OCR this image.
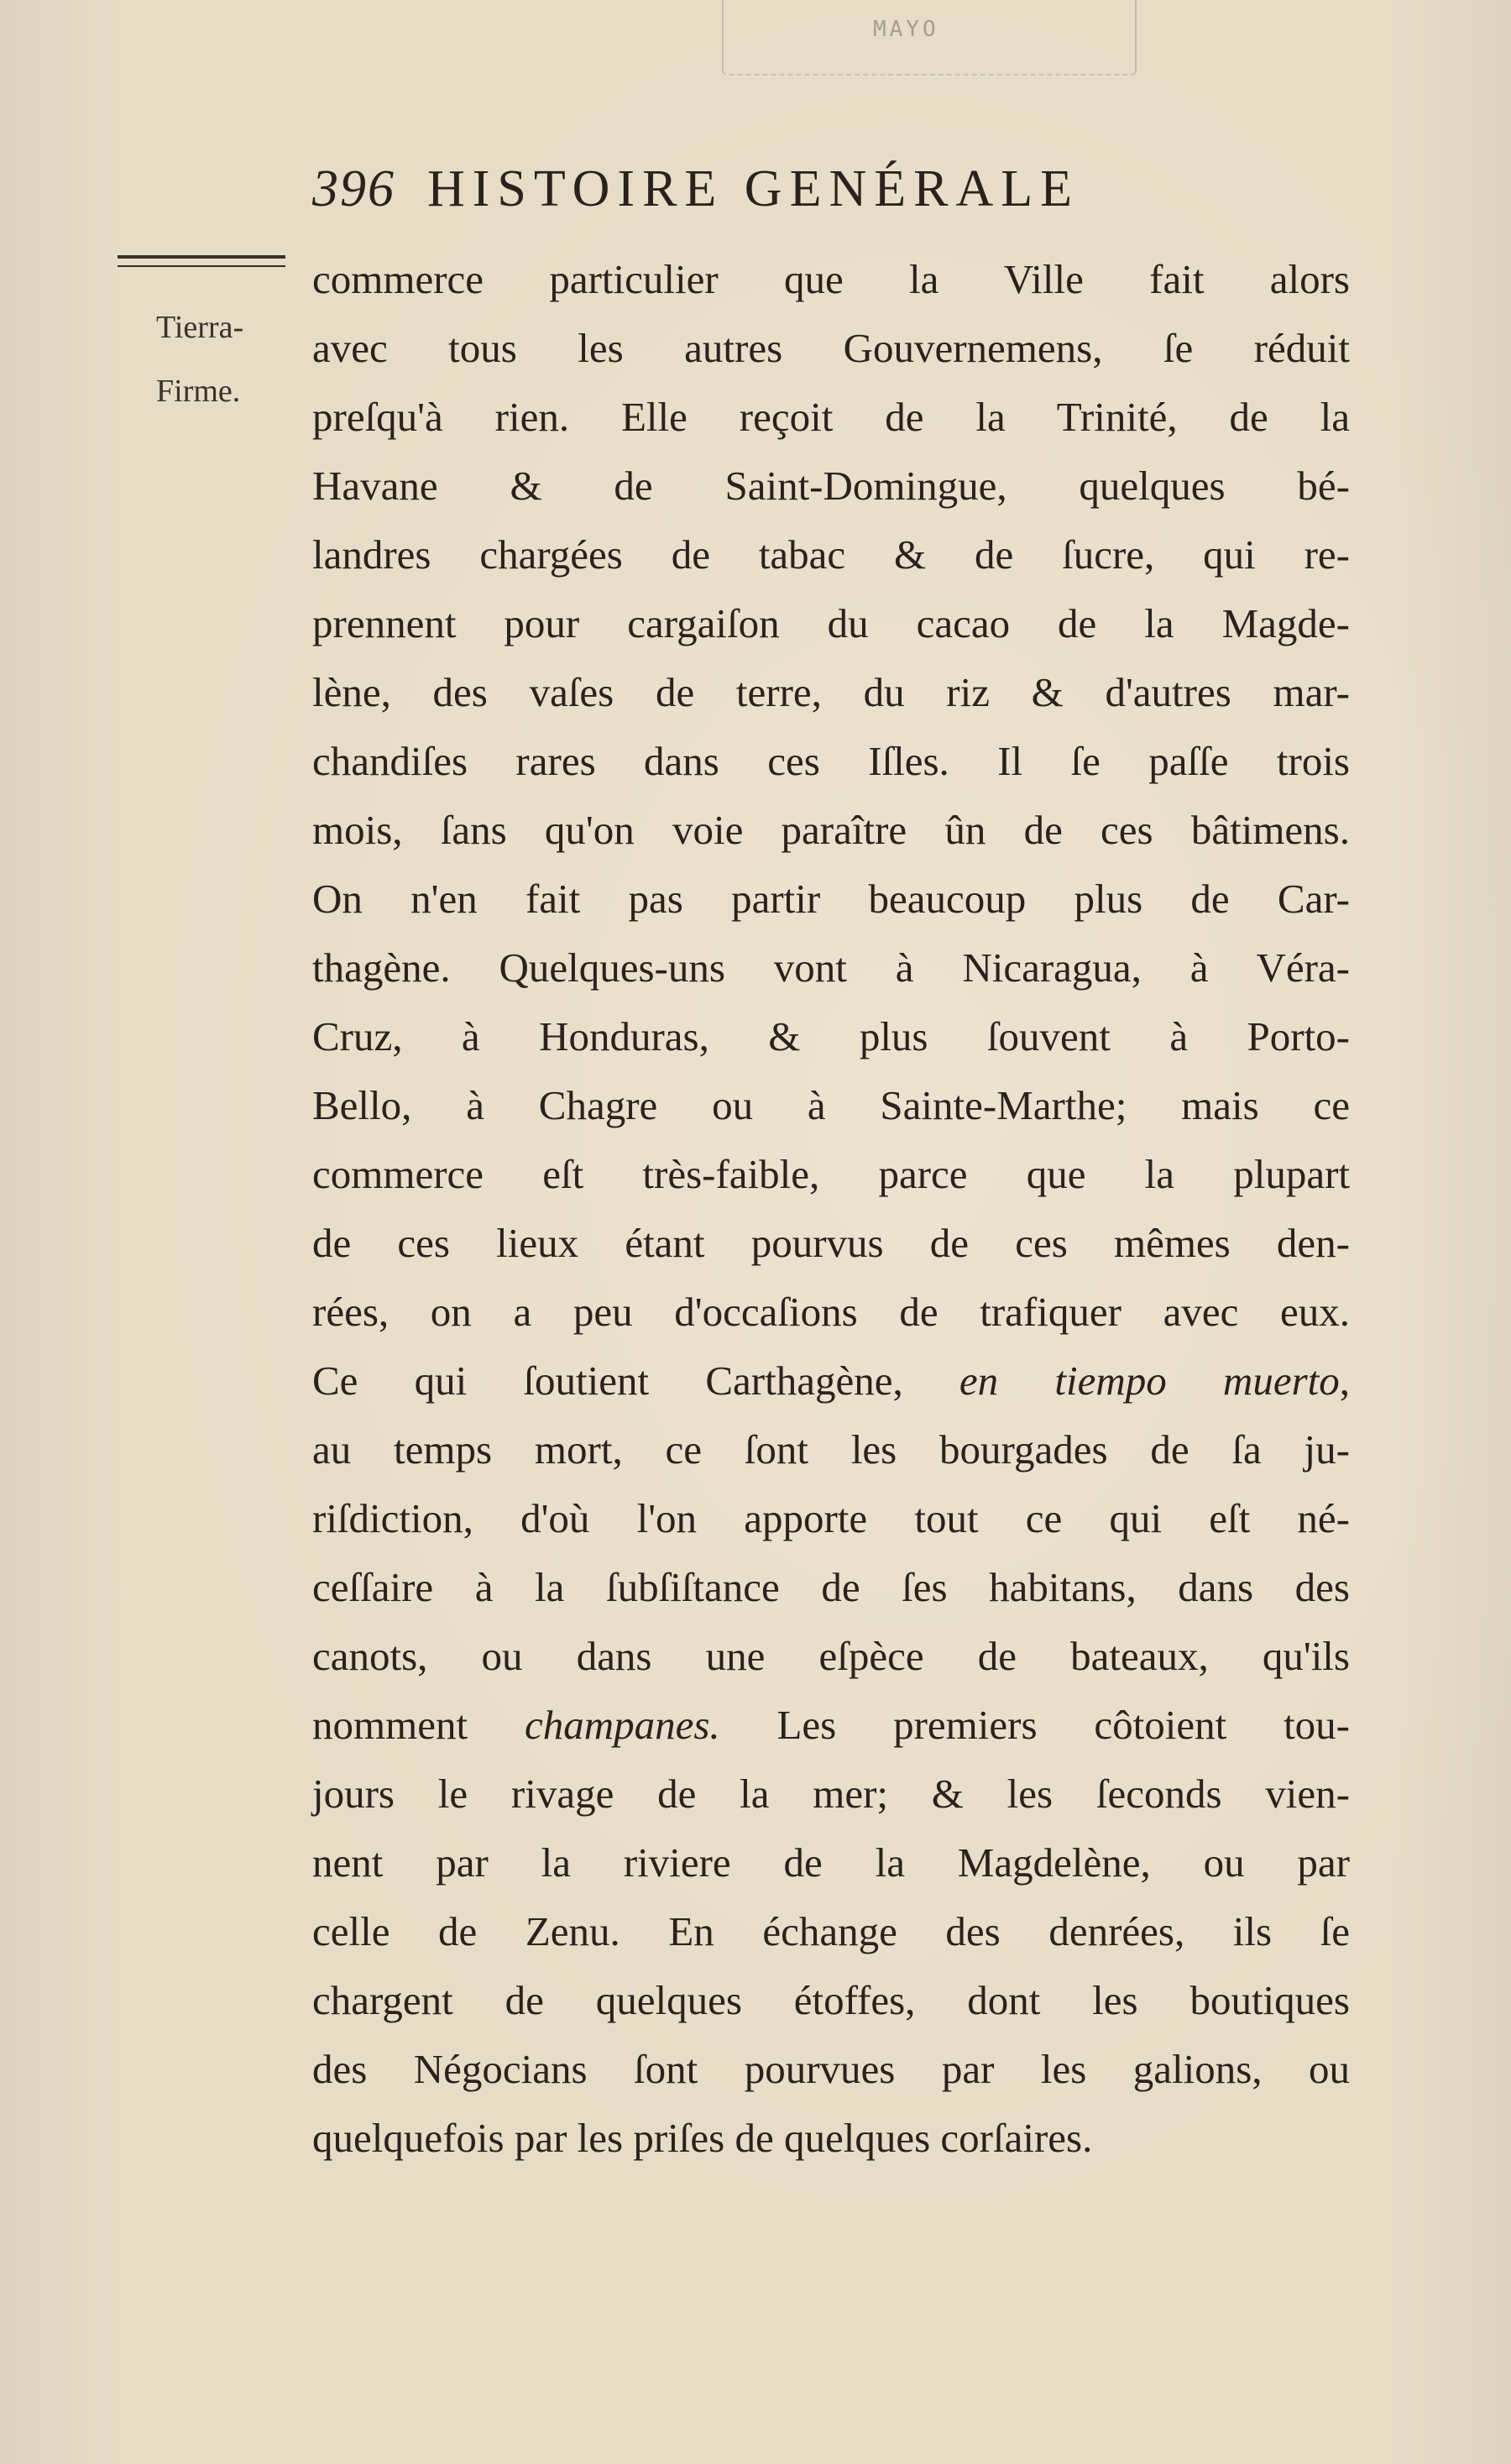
MAYO
396 HISTOIRE GENÉRALE
Tierra-
Firme.
commerce particulier que la Ville fait alors
avec tous les autres Gouvernemens, ſe réduit
preſqu'à rien. Elle reçoit de la Trinité, de la
Havane & de Saint-Domingue, quelques bé-
landres chargées de tabac & de ſucre, qui re-
prennent pour cargaiſon du cacao de la Magde-
lène, des vaſes de terre, du riz & d'autres mar-
chandiſes rares dans ces Iſles. Il ſe paſſe trois
mois, ſans qu'on voie paraître ûn de ces bâtimens.
On n'en fait pas partir beaucoup plus de Car-
thagène. Quelques-uns vont à Nicaragua, à Véra-
Cruz, à Honduras, & plus ſouvent à Porto-
Bello, à Chagre ou à Sainte-Marthe; mais ce
commerce eſt très-faible, parce que la plupart
de ces lieux étant pourvus de ces mêmes den-
rées, on a peu d'occaſions de trafiquer avec eux.
Ce qui ſoutient Carthagène, en tiempo muerto,
au temps mort, ce ſont les bourgades de ſa ju-
riſdiction, d'où l'on apporte tout ce qui eſt né-
ceſſaire à la ſubſiſtance de ſes habitans, dans des
canots, ou dans une eſpèce de bateaux, qu'ils
nomment champanes. Les premiers côtoient tou-
jours le rivage de la mer; & les ſeconds vien-
nent par la riviere de la Magdelène, ou par
celle de Zenu. En échange des denrées, ils ſe
chargent de quelques étoffes, dont les boutiques
des Négocians ſont pourvues par les galions, ou
quelquefois par les priſes de quelques corſaires.
